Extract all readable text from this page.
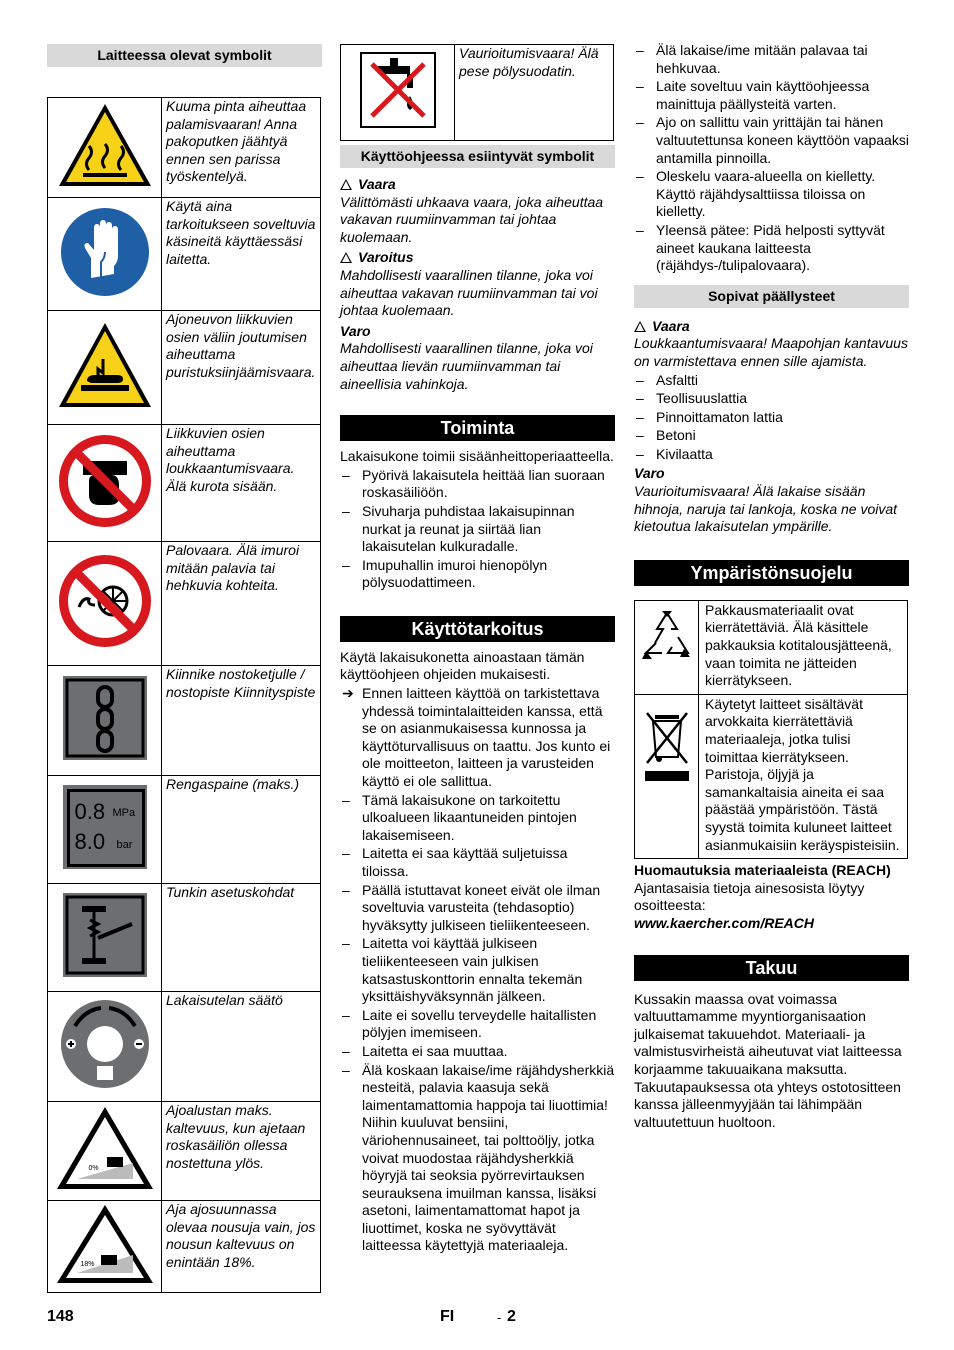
Laitteessa olevat symbolit
	Kuuma pinta aiheuttaa palamisvaaran! Anna pakoputken jäähtyä ennen sen parissa työskentelyä.
	Käytä aina tarkoitukseen soveltuvia käsineitä käyttäessäsi laitetta.
	Ajoneuvon liikkuvien osien väliin joutumisen aiheuttama puristuksiinjäämisvaara.
	Liikkuvien osien aiheuttama loukkaantumisvaara. Älä kurota sisään.
	Palovaara. Älä imuroi mitään palavia tai hehkuvia kohteita.
	Kiinnike nostoketjulle / nostopiste Kiinnityspiste

0.8 MPa
8.0 bar	Rengaspaine (maks.)
	Tunkin asetuskohdat
	Lakaisutelan säätö

0%	Ajoalustan maks. kaltevuus, kun ajetaan roskasäiliön ollessa nostettuna ylös.

18%	Aja ajosuunnassa olevaa nousuja vain, jos nousun kaltevuus on enintään 18%.
	Vaurioitumisvaara! Älä pese pölysuodatin.
Käyttöohjeessa esiintyvät symbolit

Vaara

Välittömästi uhkaava vaara, joka aiheuttaa vakavan ruumiinvamman tai johtaa kuolemaan.

Varoitus

Mahdollisesti vaarallinen tilanne, joka voi aiheuttaa vakavan ruumiinvamman tai voi johtaa kuolemaan.

Varo

Mahdollisesti vaarallinen tilanne, joka voi aiheuttaa lievän ruumiinvamman tai aineellisia vahinkoja.

Toiminta

Lakaisukone toimii sisäänheittoperiaatteella.

– Pyörivä lakaisutela heittää lian suoraan roskasäiliöön.
– Sivuharja puhdistaa lakaisupinnan nurkat ja reunat ja siirtää lian lakaisutelan kulkuradalle.
– Imupuhallin imuroi hienopölyn pölysuodattimeen.
Käyttötarkoitus

Käytä lakaisukonetta ainoastaan tämän käyttöohjeen ohjeiden mukaisesti.

➔ Ennen laitteen käyttöä on tarkistettava yhdessä toimintalaitteiden kanssa, että se on asianmukaisessa kunnossa ja käyttöturvallisuus on taattu. Jos kunto ei ole moitteeton, laitteen ja varusteiden käyttö ei ole sallittua.
– Tämä lakaisukone on tarkoitettu ulkoalueen likaantuneiden pintojen lakaisemiseen.
– Laitetta ei saa käyttää suljetuissa tiloissa.
– Päällä istuttavat koneet eivät ole ilman soveltuvia varusteita (tehdasoptio) hyväksytty julkiseen tieliikenteeseen.
– Laitetta voi käyttää julkiseen tieliikenteeseen vain julkisen katsastuskonttorin ennalta tekemän yksittäishyväksynnän jälkeen.
– Laite ei sovellu terveydelle haitallisten pölyjen imemiseen.
– Laitetta ei saa muuttaa.
– Älä koskaan lakaise/ime räjähdysherkkiä nesteitä, palavia kaasuja sekä laimentamattomia happoja tai liuottimia! Niihin kuuluvat bensiini, väriohennusaineet, tai polttoöljy, jotka voivat muodostaa räjähdysherkkiä höyryjä tai seoksia pyörrevirtauksen seurauksena imuilman kanssa, lisäksi asetoni, laimentamattomat hapot ja liuottimet, koska ne syövyttävät laitteessa käytettyjä materiaaleja.
– Älä lakaise/ime mitään palavaa tai hehkuvaa.
– Laite soveltuu vain käyttöohjeessa mainittuja päällysteitä varten.
– Ajo on sallittu vain yrittäjän tai hänen valtuutettunsa koneen käyttöön vapaaksi antamilla pinnoilla.
– Oleskelu vaara-alueella on kielletty. Käyttö räjähdysalttiissa tiloissa on kielletty.
– Yleensä pätee: Pidä helposti syttyvät aineet kaukana laitteesta (räjähdys-/tulipalovaara).
Sopivat päällysteet

Vaara

Loukkaantumisvaara! Maapohjan kantavuus on varmistettava ennen sille ajamista.

– Asfaltti
– Teollisuuslattia
– Pinnoittamaton lattia
– Betoni
– Kivilaatta

Varo

Vaurioitumisvaara! Älä lakaise sisään hihnoja, naruja tai lankoja, koska ne voivat kietoutua lakaisutelan ympärille.

Ympäristönsuojelu
	Pakkausmateriaalit ovat kierrätettäviä. Älä käsittele pakkauksia kotitalousjätteenä, vaan toimita ne jätteiden kierrätykseen.
	Käytetyt laitteet sisältävät arvokkaita kierrätettäviä materiaaleja, jotka tulisi toimittaa kierrätykseen. Paristoja, öljyjä ja samankaltaisia aineita ei saa päästää ympäristöön. Tästä syystä toimita kuluneet laitteet asianmukaisiin keräyspisteisiin.

Huomautuksia materiaaleista (REACH)

Ajantasaisia tietoja ainesosista löytyy osoitteesta:

www.kaercher.com/REACH

Takuu

Kussakin maassa ovat voimassa valtuuttamamme myyntiorganisaation julkaisemat takuuehdot. Materiaali- ja valmistusvirheistä aiheutuvat viat laitteessa korjaamme takuuaikana maksutta. Takuutapauksessa ota yhteys ostotositteen kanssa jälleenmyyjään tai lähimpään valtuutettuun huoltoon.

148	FI	- 2
